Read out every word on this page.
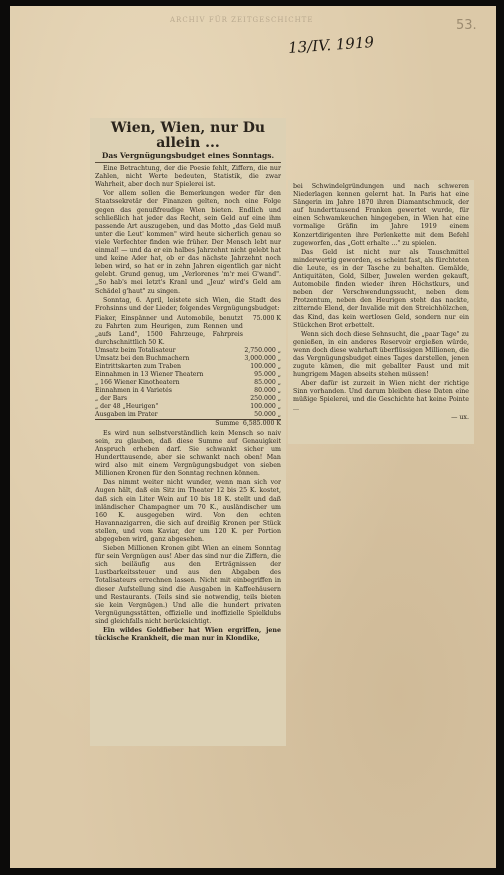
ARCHIV FÜR ZEITGESCHICHTE	53.
13/IV. 1919
Wien, Wien, nur Du allein ...
Das Vergnügungsbudget eines Sonntags.

Eine Betrachtung, der die Poesie fehlt, Ziffern, die nur Zahlen, nicht Werte bedeuten, Statistik, die zwar Wahrheit, aber doch nur Spielerei ist.

Vor allem sollen die Bemerkungen weder für den Staatssekretär der Finanzen gelten, noch eine Folge gegen das genußfreudige Wien bieten. Endlich und schließlich hat jeder das Recht, sein Geld auf eine ihm passende Art auszugeben, und das Motto „das Geld muß unter die Leut' kommen" wird heute sicherlich genau so viele Verfechter finden wie früher. Der Mensch lebt nur einmal! — und da er ein halbes Jahrzehnt nicht gelebt hat und keine Ader hat, ob er das nächste Jahrzehnt noch leben wird, so hat er in zehn Jahren eigentlich gar nicht gelebt. Grund genug, um „Verlorenes 'm'r mei G'wand". „So hab's mei letzt's Kranl und „Jeuz' wird's Geld am Schädel g'haut" zu singen.

Sonntag, 6. April, leistete sich Wien, die Stadt des Frohsinns und der Lieder, folgendes Vergnügungsbudget:

Fiaker, Einspänner und Automobile, benutzt zu Fahrten zum Heurigen, zum Rennen und „aufs Land", 1500 Fahrzeuge, Fahrpreis durchschnittlich 50 K.	75.000 K
Umsatz beim Totalisateur	2,750.000 „
Umsatz bei den Buchmachern	3,000.000 „
Eintrittskarten zum Traben	100.000 „
Einnahmen in 13 Wiener Theatern	95.000 „
„ 166 Wiener Kinotheatern	85.000 „
Einnahmen in 4 Varietés	80.000 „
„ der Bars	250.000 „
„ der 48 „Heurigen"	100.000 „
Ausgaben im Prater	50.000 „
Summe	6,585.000 K

Es wird nun selbstverständlich kein Mensch so naiv sein, zu glauben, daß diese Summe auf Genauigkeit Anspruch erheben darf. Sie schwankt sicher um Hunderttausende, aber sie schwankt nach oben! Man wird also mit einem Vergnügungsbudget von sieben Millionen Kronen für den Sonntag rechnen können.

Das nimmt weiter nicht wunder, wenn man sich vor Augen hält, daß ein Sitz im Theater 12 bis 25 K. kostet, daß sich ein Liter Wein auf 10 bis 18 K. stellt und daß inländischer Champagner um 70 K., ausländischer um 160 K. ausgegeben wird. Von den echten Havannazigarren, die sich auf dreißig Kronen per Stück stellen, und vom Kaviar, der um 120 K. per Portion abgegeben wird, ganz abgesehen.

Sieben Millionen Kronen gibt Wien an einem Sonntag für sein Vergnügen aus! Aber das sind nur die Ziffern, die sich beiläufig aus den Erträgnissen der Lustbarkeitssteuer und aus den Abgaben des Totalisateurs errechnen lassen. Nicht mit einbegriffen in dieser Aufstellung sind die Ausgaben in Kaffeehäusern und Restaurants. (Teils sind sie notwendig, teils bieten sie kein Vergnügen.) Und alle die hundert privaten Vergnügungsstätten, offizielle und inoffizielle Spielklubs sind gleichfalls nicht berücksichtigt.

Ein wildes Goldfieber hat Wien ergriffen, jene tückische Krankheit, die man nur in Klondike,

bei Schwindelgründungen und nach schweren Niederlagen kennen gelernt hat. In Paris hat eine Sängerin im Jahre 1870 ihren Diamantschmuck, der auf hunderttausend Franken gewertet wurde, für einen Schwamkeuchen hingegeben, in Wien hat eine vormalige Gräfin im Jahre 1919 einem Konzertdirigenten ihre Perlenkette mit dem Befehl zugeworfen, das „Gott erhalte ..." zu spielen.

Das Geld ist nicht nur als Tauschmittel minderwertig geworden, es scheint fast, als fürchteten die Leute, es in der Tasche zu behalten. Gemälde, Antiquitäten, Gold, Silber, Juwelen werden gekauft, Automobile finden wieder ihren Höchstkurs, und neben der Verschwendungssucht, neben dem Protzentum, neben den Heurigen steht das nackte, zitternde Elend, der Invalide mit den Streichhölzchen, das Kind, das kein wertlosen Geld, sondern nur ein Stückchen Brot erbettelt.

Wenn sich doch diese Sehnsucht, die „paar Tage" zu genießen, in ein anderes Reservoir ergießen würde, wenn doch diese wahrhaft überflüssigen Millionen, die das Vergnügungsbudget eines Tages darstellen, jenen zugute kämen, die mit geballter Faust und mit hungrigem Magen abseits stehen müssen!

Aber dafür ist zurzeit in Wien nicht der richtige Sinn vorhanden. Und darum bleiben diese Daten eine müßige Spielerei, und die Geschichte hat keine Pointe ...

— ux.
